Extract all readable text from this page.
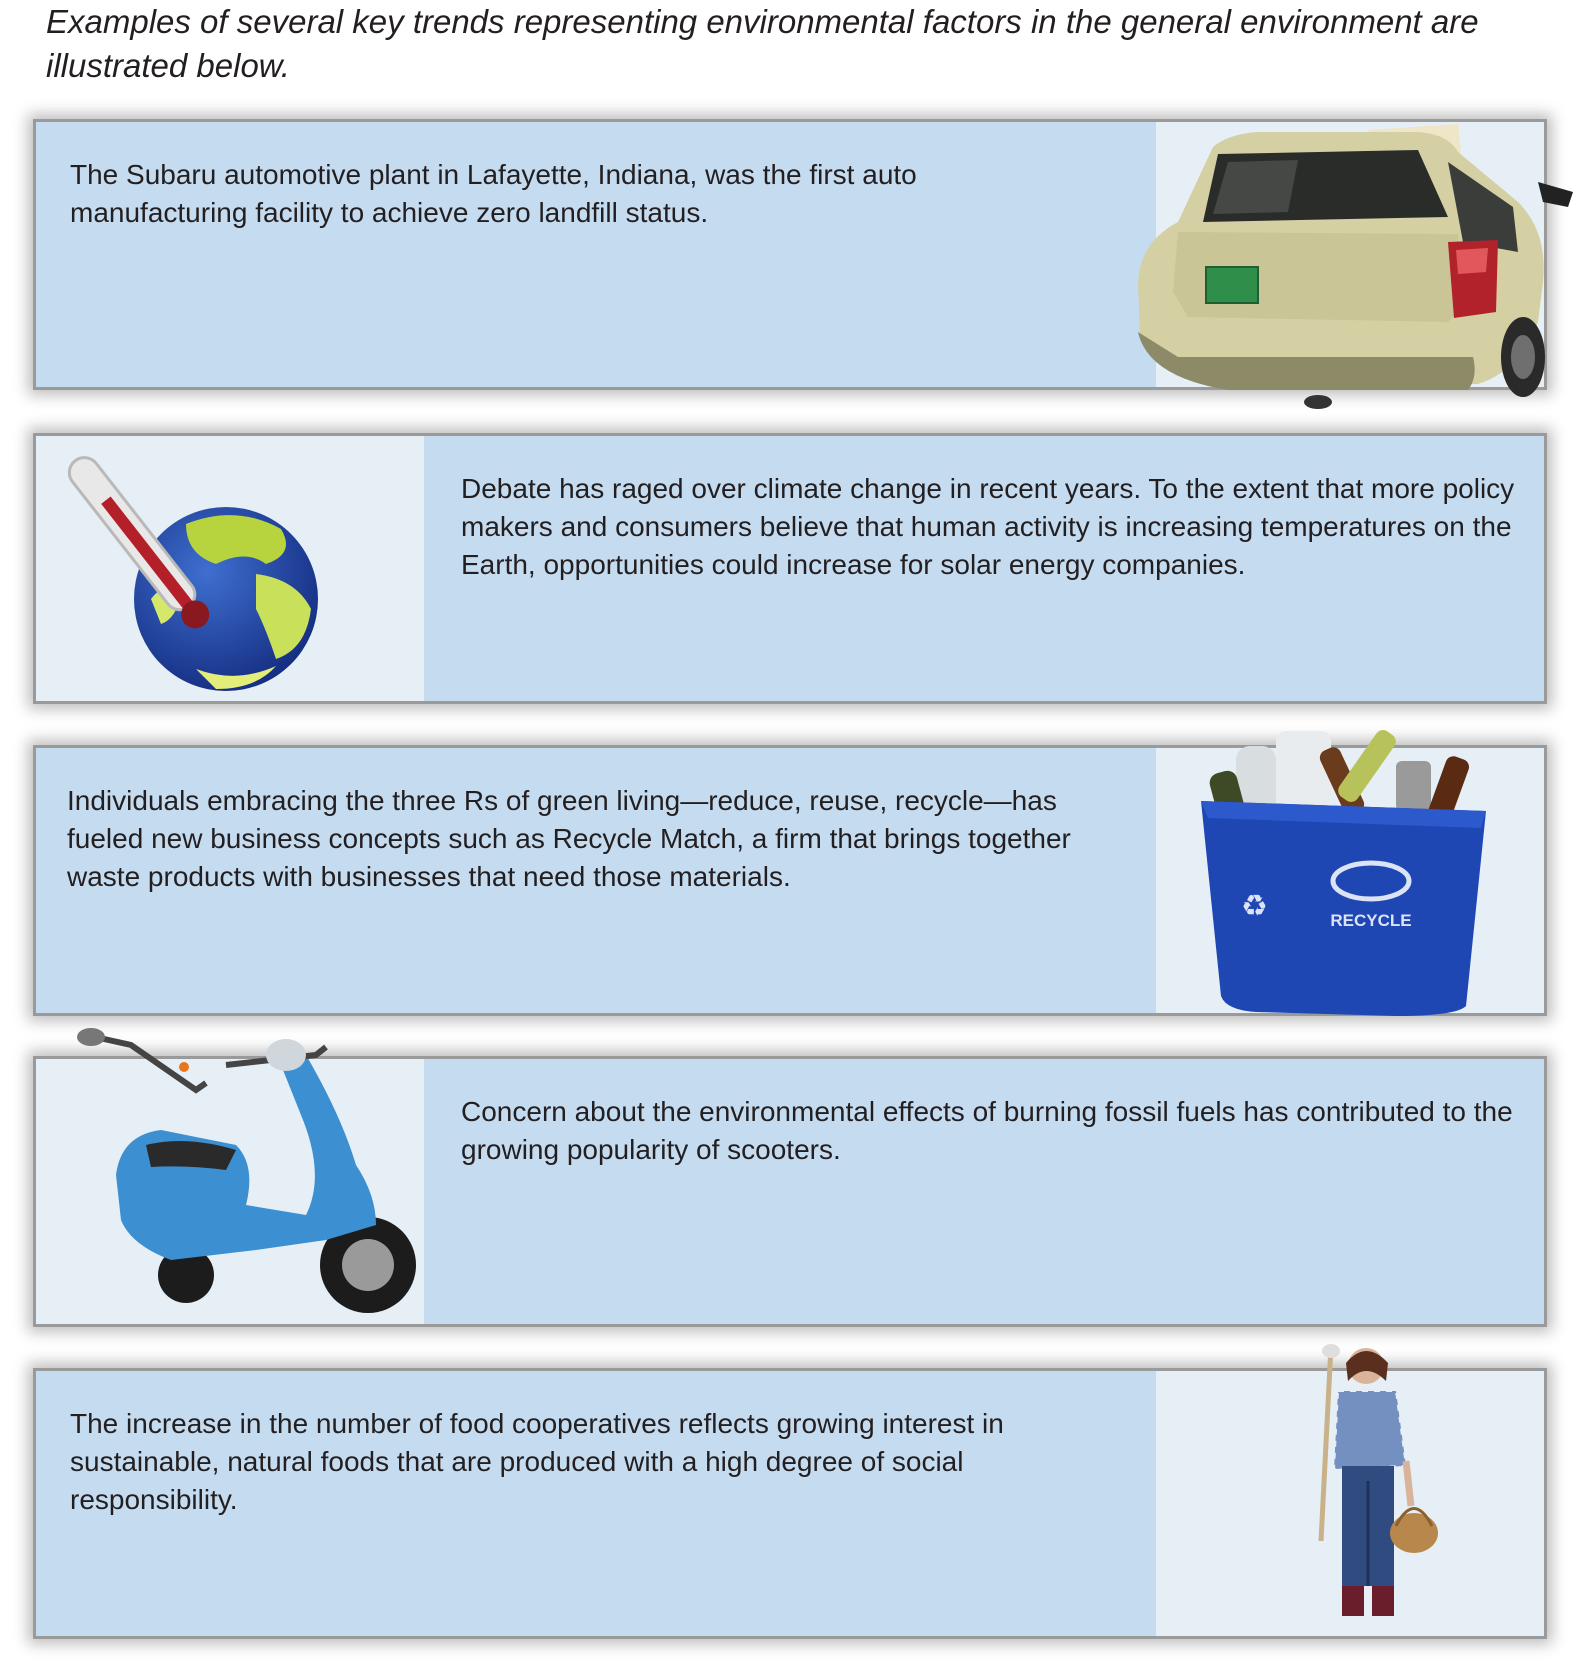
Examples of several key trends representing environmental factors in the general environment are illustrated below.
The Subaru automotive plant in Lafayette, Indiana, was the first auto manufacturing facility to achieve zero landfill status.
Debate has raged over climate change in recent years. To the extent that more policy makers and consumers believe that human activity is increasing temperatures on the Earth, opportunities could increase for solar energy companies.
Individuals embracing the three Rs of green living—reduce, reuse, recycle—has fueled new business concepts such as Recycle Match, a firm that brings together waste products with businesses that need those materials.
RECYCLE
♻
Concern about the environmental effects of burning fossil fuels has contributed to the growing popularity of scooters.
The increase in the number of food cooperatives reflects growing interest in sustainable, natural foods that are produced with a high degree of social responsibility.
